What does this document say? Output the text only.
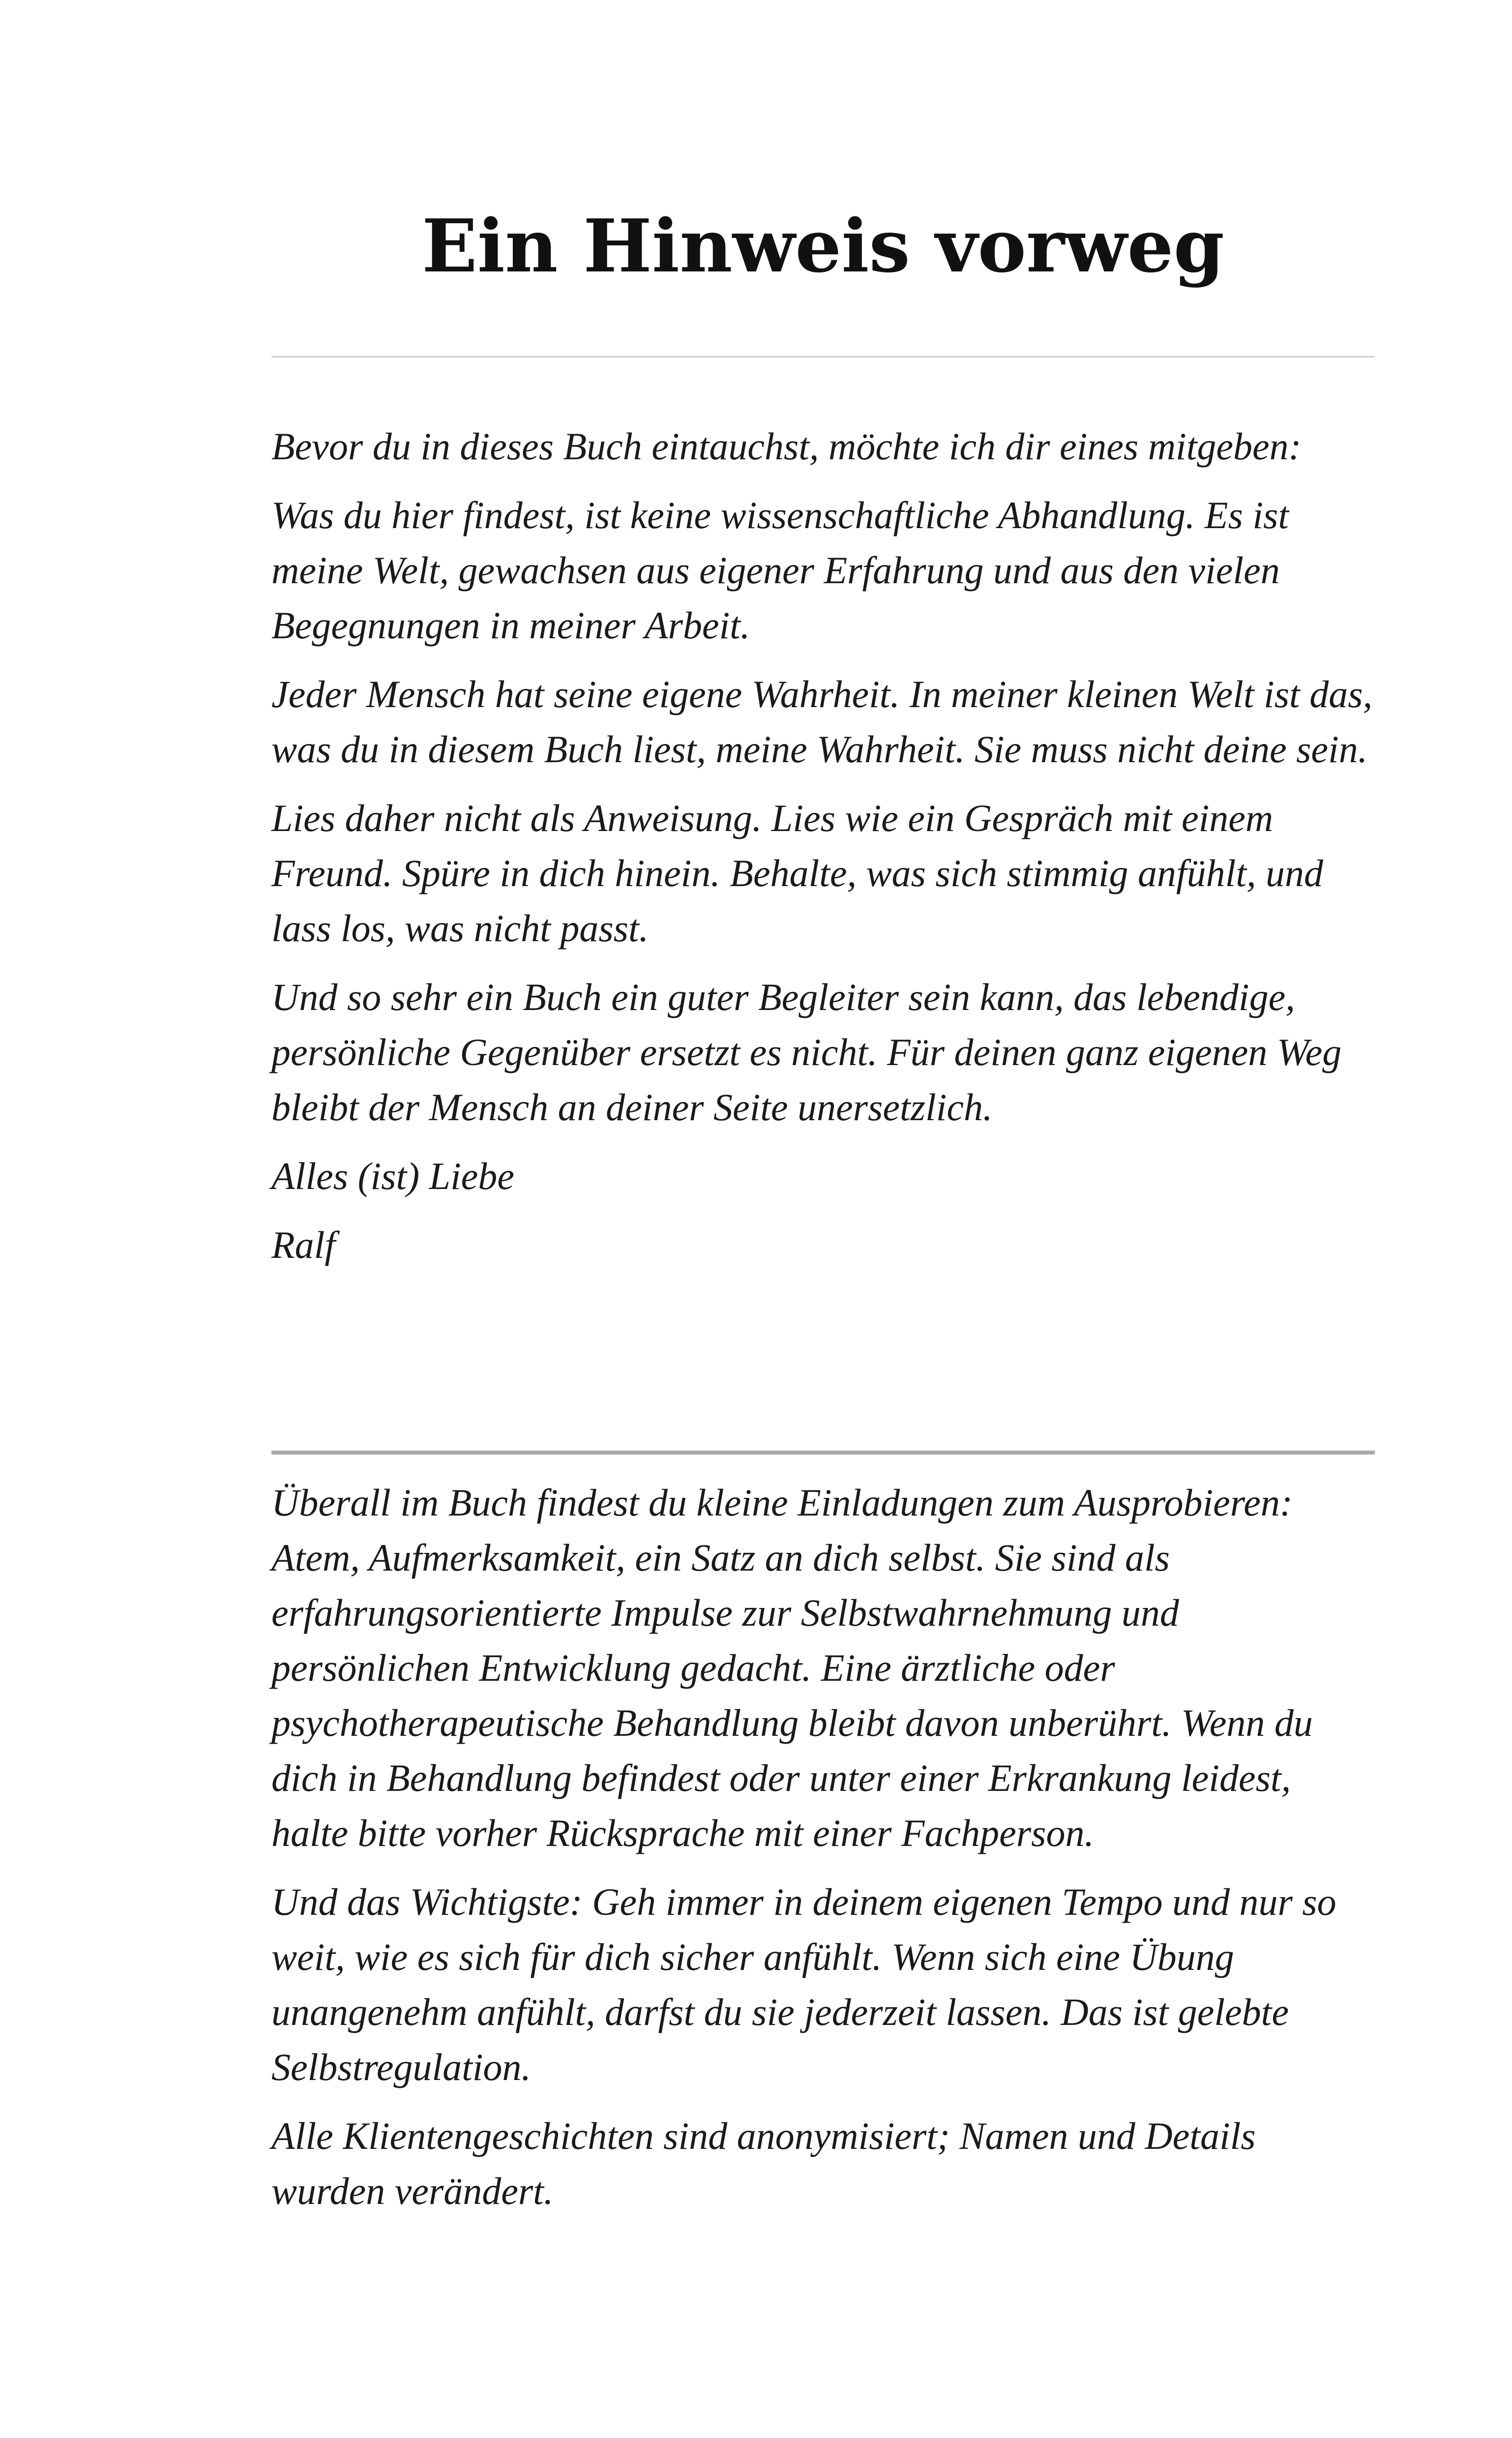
Ein Hinweis vorweg

Bevor du in dieses Buch eintauchst, möchte ich dir eines mitgeben:

Was du hier findest, ist keine wissenschaftliche Abhandlung. Es ist meine Welt, gewachsen aus eigener Erfahrung und aus den vielen Begegnungen in meiner Arbeit.

Jeder Mensch hat seine eigene Wahrheit. In meiner kleinen Welt ist das, was du in diesem Buch liest, meine Wahrheit. Sie muss nicht deine sein.

Lies daher nicht als Anweisung. Lies wie ein Gespräch mit einem Freund. Spüre in dich hinein. Behalte, was sich stimmig anfühlt, und lass los, was nicht passt.

Und so sehr ein Buch ein guter Begleiter sein kann, das lebendige, persönliche Gegenüber ersetzt es nicht. Für deinen ganz eigenen Weg bleibt der Mensch an deiner Seite unersetzlich.

Alles (ist) Liebe

Ralf

Überall im Buch findest du kleine Einladungen zum Ausprobieren: Atem, Aufmerksamkeit, ein Satz an dich selbst. Sie sind als erfahrungsorientierte Impulse zur Selbstwahrnehmung und persönlichen Entwicklung gedacht. Eine ärztliche oder psychotherapeutische Behandlung bleibt davon unberührt. Wenn du dich in Behandlung befindest oder unter einer Erkrankung leidest, halte bitte vorher Rücksprache mit einer Fachperson.

Und das Wichtigste: Geh immer in deinem eigenen Tempo und nur so weit, wie es sich für dich sicher anfühlt. Wenn sich eine Übung unangenehm anfühlt, darfst du sie jederzeit lassen. Das ist gelebte Selbstregulation.

Alle Klientengeschichten sind anonymisiert; Namen und Details wurden verändert.
